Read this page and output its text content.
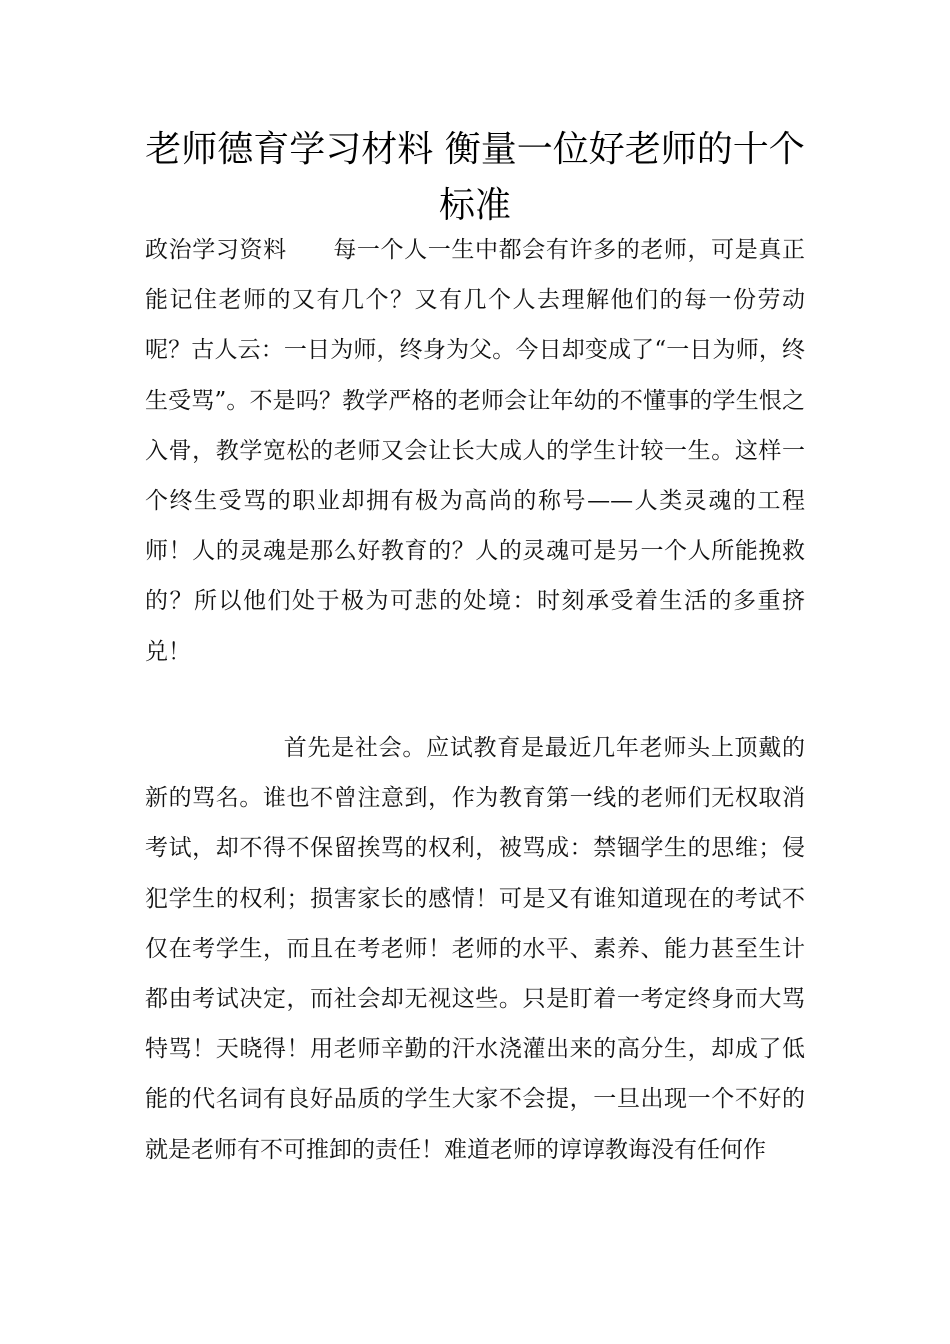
老师德育学习材料 衡量一位好老师的十个标准

政治学习资料 每一个人一生中都会有许多的老师，可是真正能记住老师的又有几个？又有几个人去理解他们的每一份劳动呢？古人云：一日为师，终身为父。今日却变成了“一日为师，终生受骂”。不是吗？教学严格的老师会让年幼的不懂事的学生恨之入骨，教学宽松的老师又会让长大成人的学生计较一生。这样一个终生受骂的职业却拥有极为高尚的称号——人类灵魂的工程师！人的灵魂是那么好教育的？人的灵魂可是另一个人所能挽救的？所以他们处于极为可悲的处境：时刻承受着生活的多重挤兑！

首先是社会。应试教育是最近几年老师头上顶戴的新的骂名。谁也不曾注意到，作为教育第一线的老师们无权取消考试，却不得不保留挨骂的权利，被骂成：禁锢学生的思维；侵犯学生的权利；损害家长的感情！可是又有谁知道现在的考试不仅在考学生，而且在考老师！老师的水平、素养、能力甚至生计都由考试决定，而社会却无视这些。只是盯着一考定终身而大骂特骂！天晓得！用老师辛勤的汗水浇灌出来的高分生，却成了低能的代名词有良好品质的学生大家不会提，一旦出现一个不好的就是老师有不可推卸的责任！难道老师的谆谆教诲没有任何作
